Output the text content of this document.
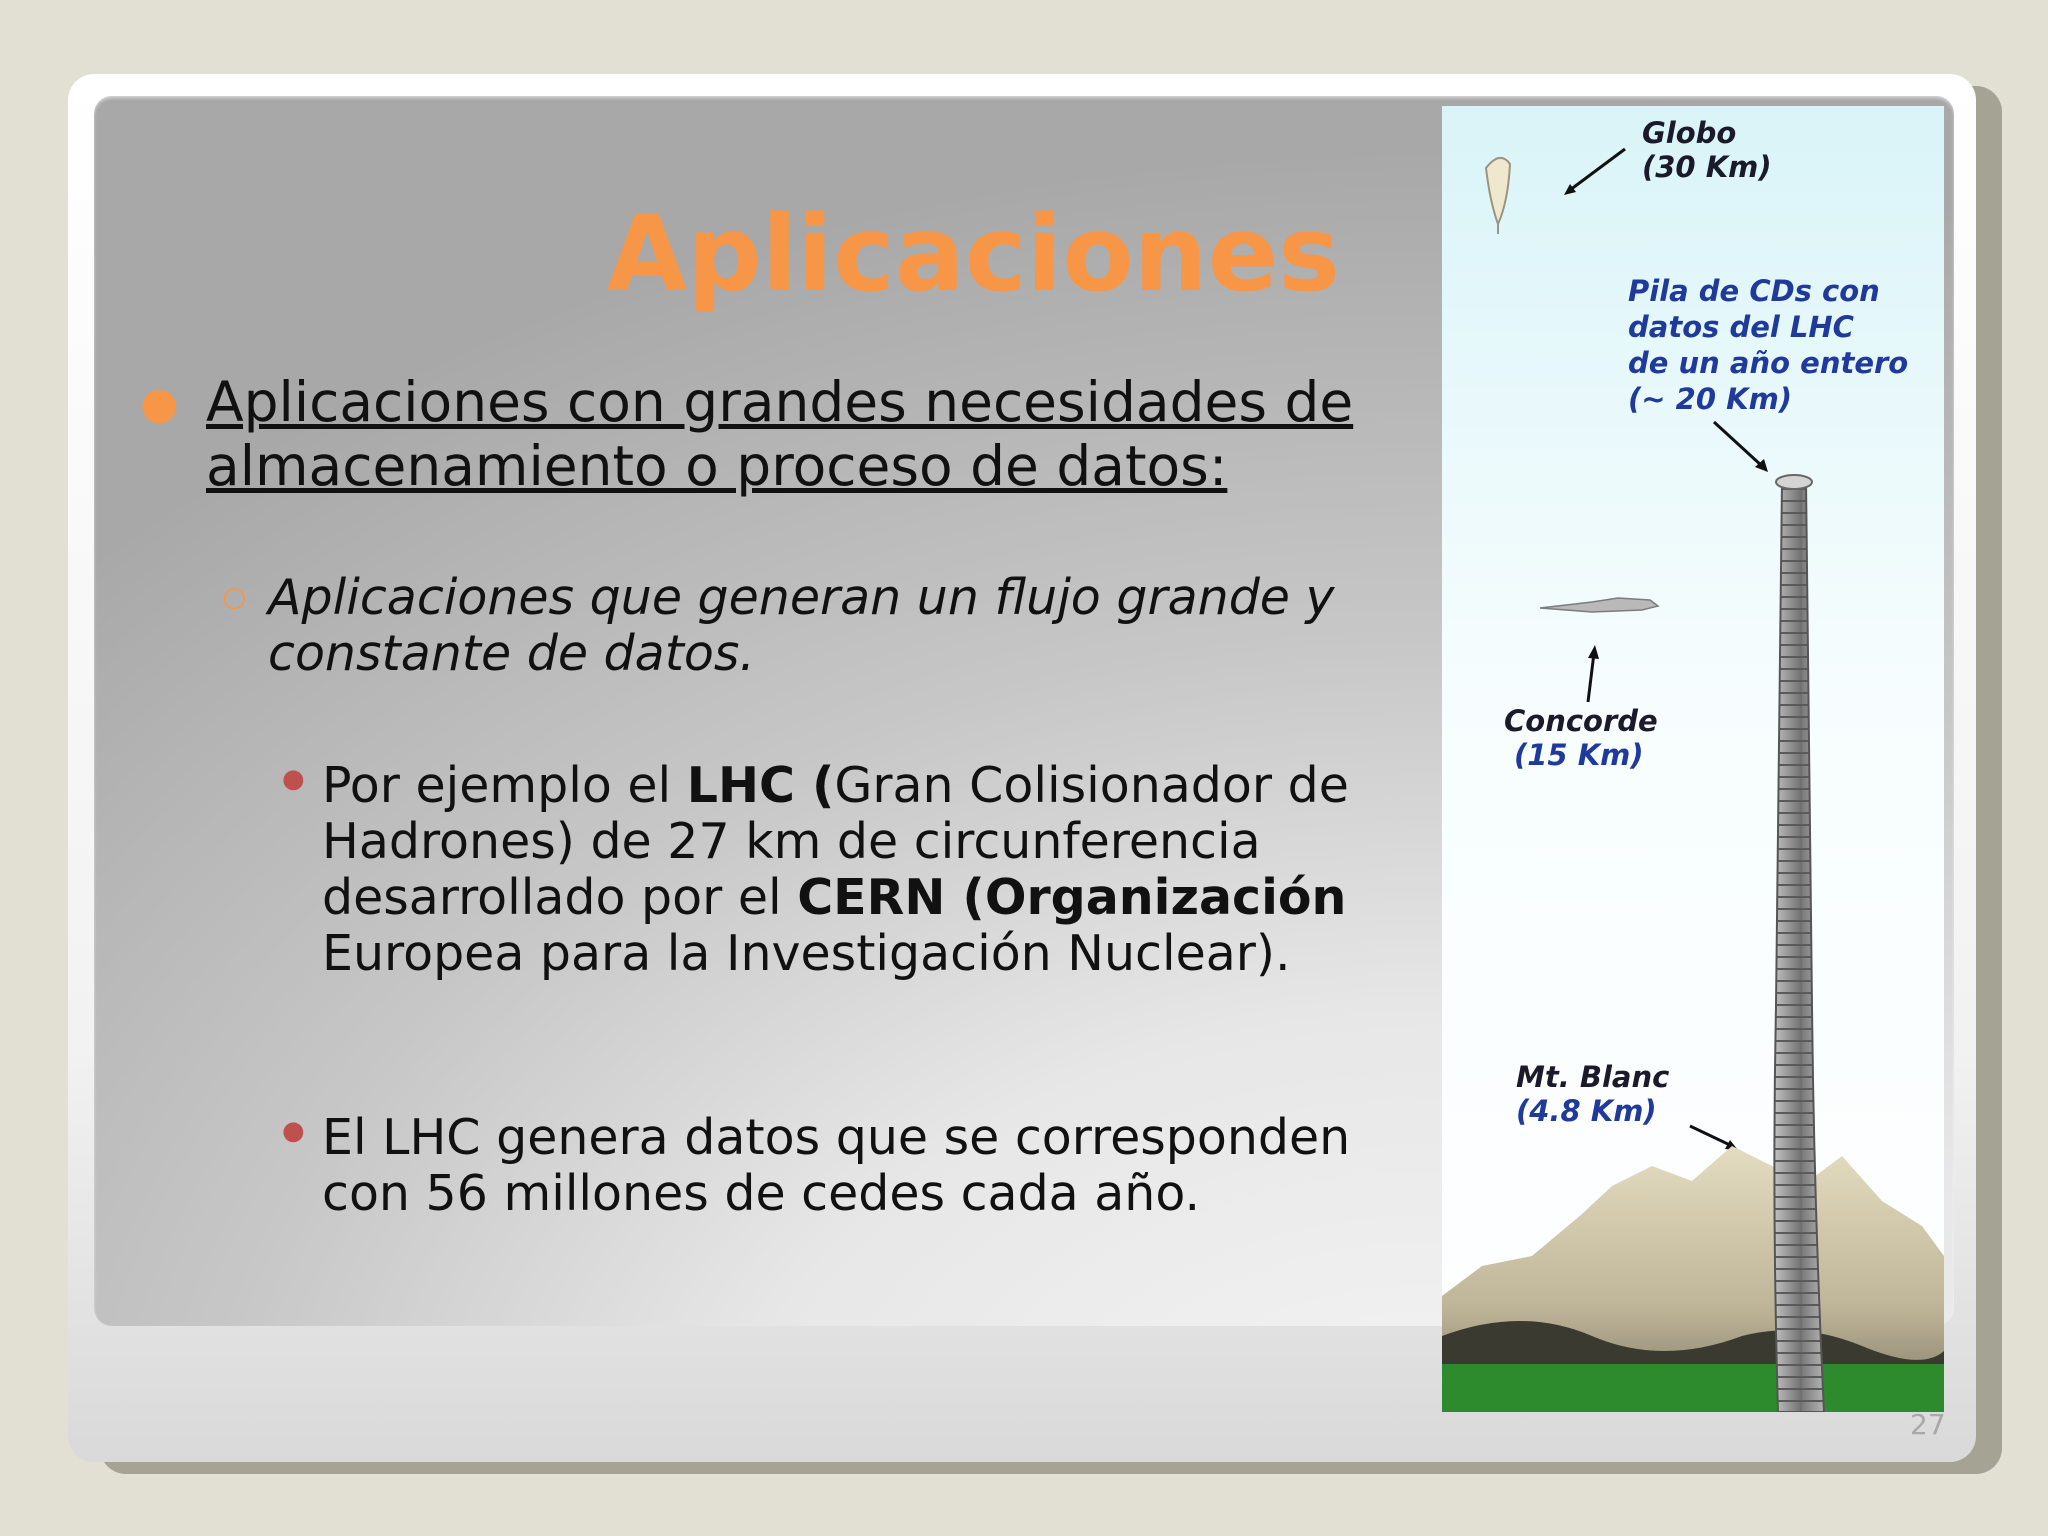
Aplicaciones
● Aplicaciones con grandes necesidades de almacenamiento o proceso de datos:
○ Aplicaciones que generan un flujo grande y constante de datos.
● Por ejemplo el LHC (Gran Colisionador de Hadrones) de 27 km de circunferencia desarrollado por el CERN (Organización Europea para la Investigación Nuclear).
● El LHC genera datos que se corresponden con 56 millones de cedes cada año.

Globo

(30 Km)

Pila de CDs con

datos del LHC

de un año entero

(~ 20 Km)

Concorde

(15 Km)

Mt. Blanc

(4.8 Km)

27
